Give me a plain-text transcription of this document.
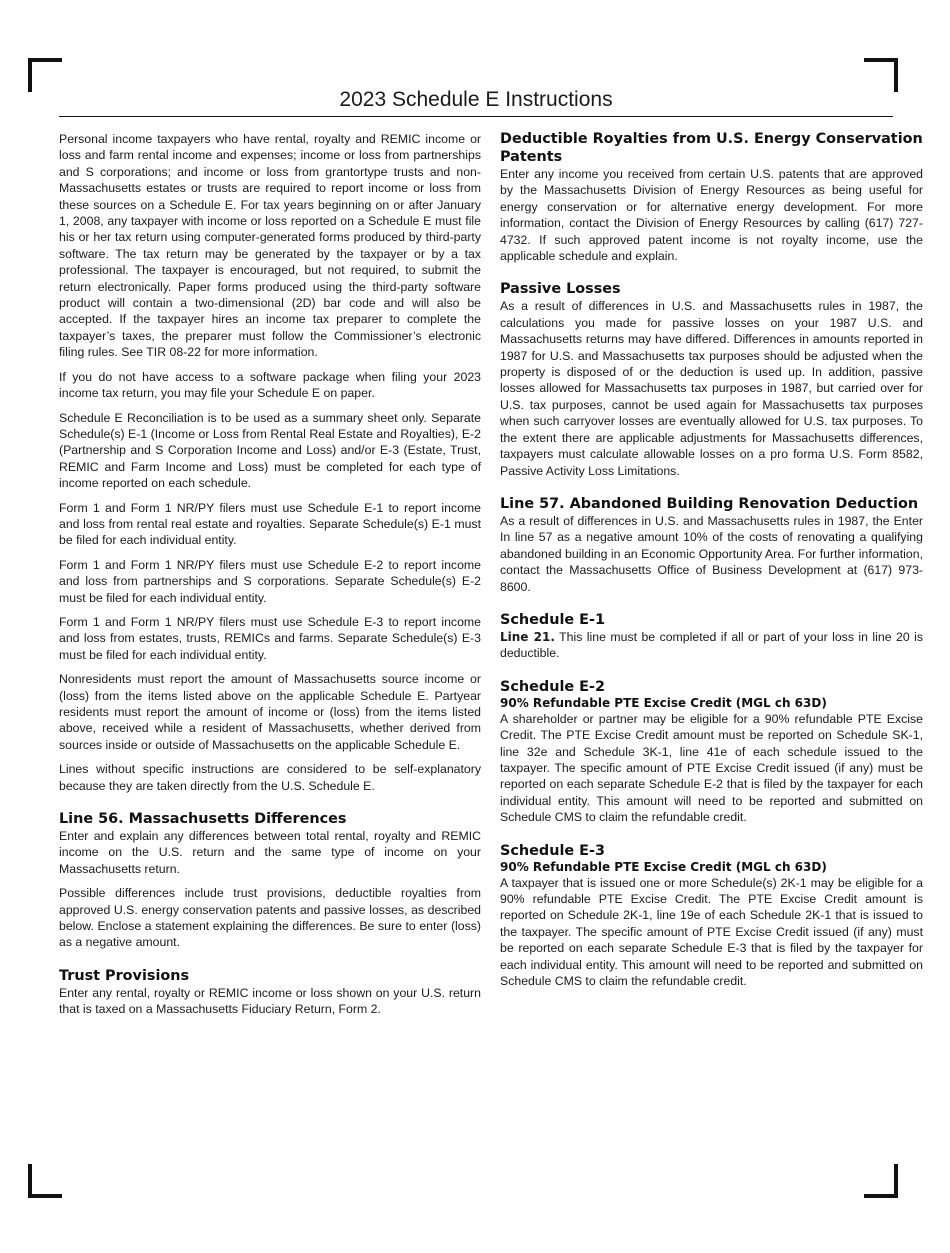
2023 Schedule E Instructions

Personal income taxpayers who have rental, royalty and REMIC income or loss and farm rental income and expenses; income or loss from partnerships and S corporations; and income or loss from grantortype trusts and non-Massachusetts estates or trusts are required to report income or loss from these sources on a Schedule E. For tax years beginning on or after January 1, 2008, any taxpayer with income or loss reported on a Schedule E must file his or her tax return using computer-generated forms produced by third-party software. The tax return may be generated by the taxpayer or by a tax professional. The taxpayer is encouraged, but not required, to submit the return electronically. Paper forms produced using the third-party software product will contain a two-dimensional (2D) bar code and will also be accepted. If the taxpayer hires an income tax preparer to complete the taxpayer’s taxes, the preparer must follow the Commissioner’s electronic filing rules. See TIR 08-22 for more information.

If you do not have access to a software package when filing your 2023 income tax return, you may file your Schedule E on paper.

Schedule E Reconciliation is to be used as a summary sheet only. Separate Schedule(s) E-1 (Income or Loss from Rental Real Estate and Royalties), E-2 (Partnership and S Corporation Income and Loss) and/or E-3 (Estate, Trust, REMIC and Farm Income and Loss) must be completed for each type of income reported on each schedule.

Form 1 and Form 1 NR/PY filers must use Schedule E-1 to report income and loss from rental real estate and royalties. Separate Schedule(s) E-1 must be filed for each individual entity.

Form 1 and Form 1 NR/PY filers must use Schedule E-2 to report income and loss from partnerships and S corporations. Separate Schedule(s) E-2 must be filed for each individual entity.

Form 1 and Form 1 NR/PY filers must use Schedule E-3 to report income and loss from estates, trusts, REMICs and farms. Separate Schedule(s) E-3 must be filed for each individual entity.

Nonresidents must report the amount of Massachusetts source income or (loss) from the items listed above on the applicable Schedule E. Partyear residents must report the amount of income or (loss) from the items listed above, received while a resident of Massachusetts, whether derived from sources inside or outside of Massachusetts on the applicable Schedule E.

Lines without specific instructions are considered to be self-explanatory because they are taken directly from the U.S. Schedule E.

Line 56. Massachusetts Differences

Enter and explain any differences between total rental, royalty and REMIC income on the U.S. return and the same type of income on your Massachusetts return.

Possible differences include trust provisions, deductible royalties from approved U.S. energy conservation patents and passive losses, as described below. Enclose a statement explaining the differences. Be sure to enter (loss) as a negative amount.

Trust Provisions

Enter any rental, royalty or REMIC income or loss shown on your U.S. return that is taxed on a Massachusetts Fiduciary Return, Form 2.

Deductible Royalties from U.S. Energy Conservation Patents

Enter any income you received from certain U.S. patents that are approved by the Massachusetts Division of Energy Resources as being useful for energy conservation or for alternative energy development. For more information, contact the Division of Energy Resources by calling (617) 727-4732. If such approved patent income is not royalty income, use the applicable schedule and explain.

Passive Losses

As a result of differences in U.S. and Massachusetts rules in 1987, the calculations you made for passive losses on your 1987 U.S. and Massachusetts returns may have differed. Differences in amounts reported in 1987 for U.S. and Massachusetts tax purposes should be adjusted when the property is disposed of or the deduction is used up. In addition, passive losses allowed for Massachusetts tax purposes in 1987, but carried over for U.S. tax purposes, cannot be used again for Massachusetts tax purposes when such carryover losses are eventually allowed for U.S. tax purposes. To the extent there are applicable adjustments for Massachusetts differences, taxpayers must calculate allowable losses on a pro forma U.S. Form 8582, Passive Activity Loss Limitations.

Line 57. Abandoned Building Renovation Deduction

As a result of differences in U.S. and Massachusetts rules in 1987, the Enter In line 57 as a negative amount 10% of the costs of renovating a qualifying abandoned building in an Economic Opportunity Area. For further information, contact the Massachusetts Office of Business Development at (617) 973-8600.

Schedule E-1

Line 21. This line must be completed if all or part of your loss in line 20 is deductible.

Schedule E-2
90% Refundable PTE Excise Credit (MGL ch 63D)

A shareholder or partner may be eligible for a 90% refundable PTE Excise Credit. The PTE Excise Credit amount must be reported on Schedule SK-1, line 32e and Schedule 3K-1, line 41e of each schedule issued to the taxpayer. The specific amount of PTE Excise Credit issued (if any) must be reported on each separate Schedule E-2 that is filed by the taxpayer for each individual entity. This amount will need to be reported and submitted on Schedule CMS to claim the refundable credit.

Schedule E-3
90% Refundable PTE Excise Credit (MGL ch 63D)

A taxpayer that is issued one or more Schedule(s) 2K-1 may be eligible for a 90% refundable PTE Excise Credit. The PTE Excise Credit amount is reported on Schedule 2K-1, line 19e of each Schedule 2K-1 that is issued to the taxpayer. The specific amount of PTE Excise Credit issued (if any) must be reported on each separate Schedule E-3 that is filed by the taxpayer for each individual entity. This amount will need to be reported and submitted on Schedule CMS to claim the refundable credit.
